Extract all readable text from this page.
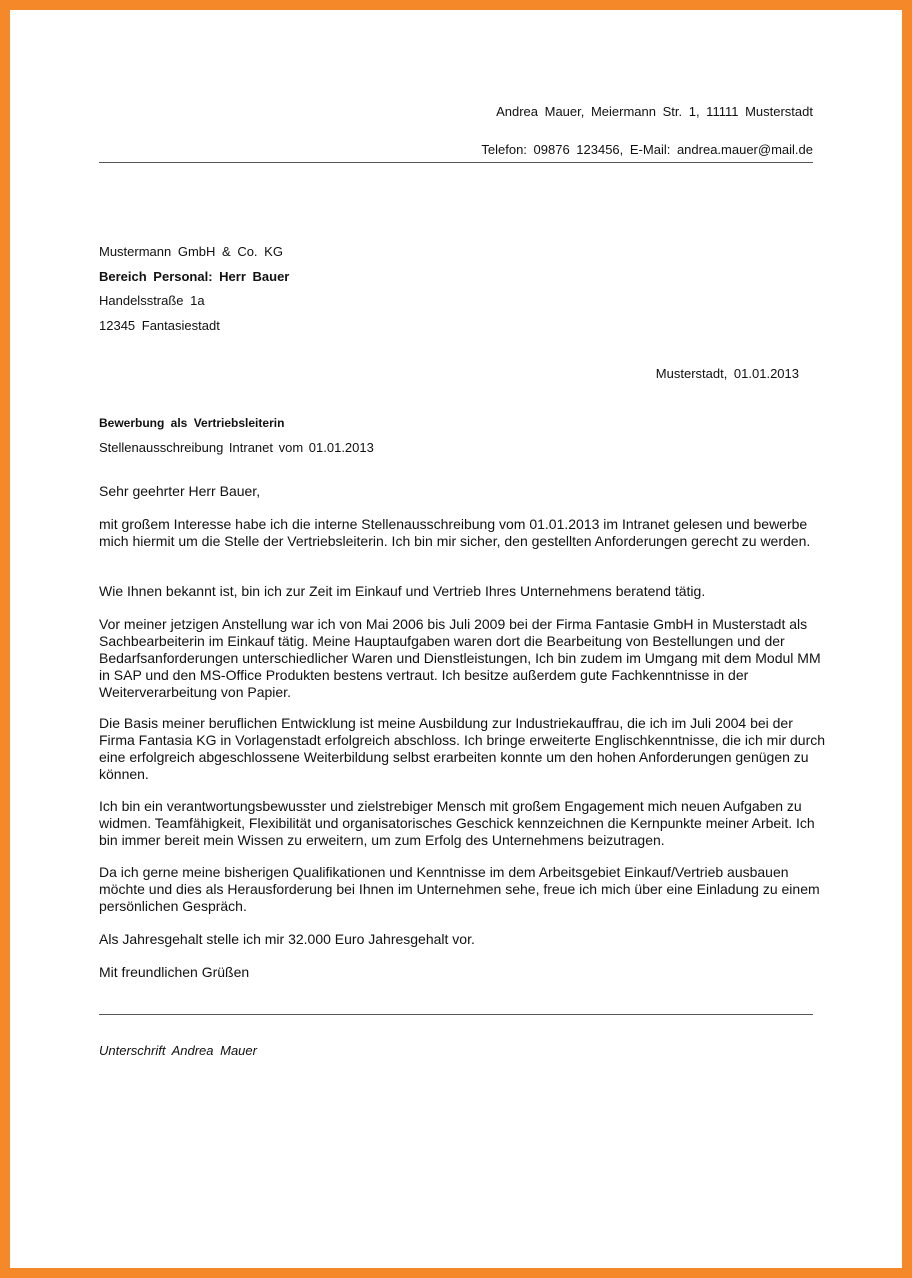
Andrea Mauer, Meiermann Str. 1, 11111 Musterstadt
Telefon: 09876 123456, E-Mail: andrea.mauer@mail.de
Mustermann GmbH & Co. KG
Bereich Personal: Herr Bauer
Handelsstraße 1a
12345 Fantasiestadt
Musterstadt, 01.01.2013
Bewerbung als Vertriebsleiterin
Stellenausschreibung Intranet vom 01.01.2013
Sehr geehrter Herr Bauer,
mit großem Interesse habe ich die interne Stellenausschreibung vom 01.01.2013 im Intranet gelesen und bewerbe mich hiermit um die Stelle der Vertriebsleiterin. Ich bin mir sicher, den gestellten Anforderungen gerecht zu werden.
Wie Ihnen bekannt ist, bin ich zur Zeit im Einkauf und Vertrieb Ihres Unternehmens beratend tätig.
Vor meiner jetzigen Anstellung war ich von Mai 2006 bis Juli 2009 bei der Firma Fantasie GmbH in Musterstadt als Sachbearbeiterin im Einkauf tätig. Meine Hauptaufgaben waren dort die Bearbeitung von Bestellungen und der Bedarfsanforderungen unterschiedlicher Waren und Dienstleistungen, Ich bin zudem im Umgang mit dem Modul MM in SAP und den MS-Office Produkten bestens vertraut. Ich besitze außerdem gute Fachkenntnisse in der Weiterverarbeitung von Papier.
Die Basis meiner beruflichen Entwicklung ist meine Ausbildung zur Industriekauffrau, die ich im Juli 2004 bei der Firma Fantasia KG in Vorlagenstadt erfolgreich abschloss. Ich bringe erweiterte Englischkenntnisse, die ich mir durch eine erfolgreich abgeschlossene Weiterbildung selbst erarbeiten konnte um den hohen Anforderungen genügen zu können.
Ich bin ein verantwortungsbewusster und zielstrebiger Mensch mit großem Engagement mich neuen Aufgaben zu widmen. Teamfähigkeit, Flexibilität und organisatorisches Geschick kennzeichnen die Kernpunkte meiner Arbeit. Ich bin immer bereit mein Wissen zu erweitern, um zum Erfolg des Unternehmens beizutragen.
Da ich gerne meine bisherigen Qualifikationen und Kenntnisse im dem Arbeitsgebiet Einkauf/Vertrieb ausbauen möchte und dies als Herausforderung bei Ihnen im Unternehmen sehe, freue ich mich über eine Einladung zu einem persönlichen Gespräch.
Als Jahresgehalt stelle ich mir 32.000 Euro Jahresgehalt vor.
Mit freundlichen Grüßen
Unterschrift Andrea Mauer
